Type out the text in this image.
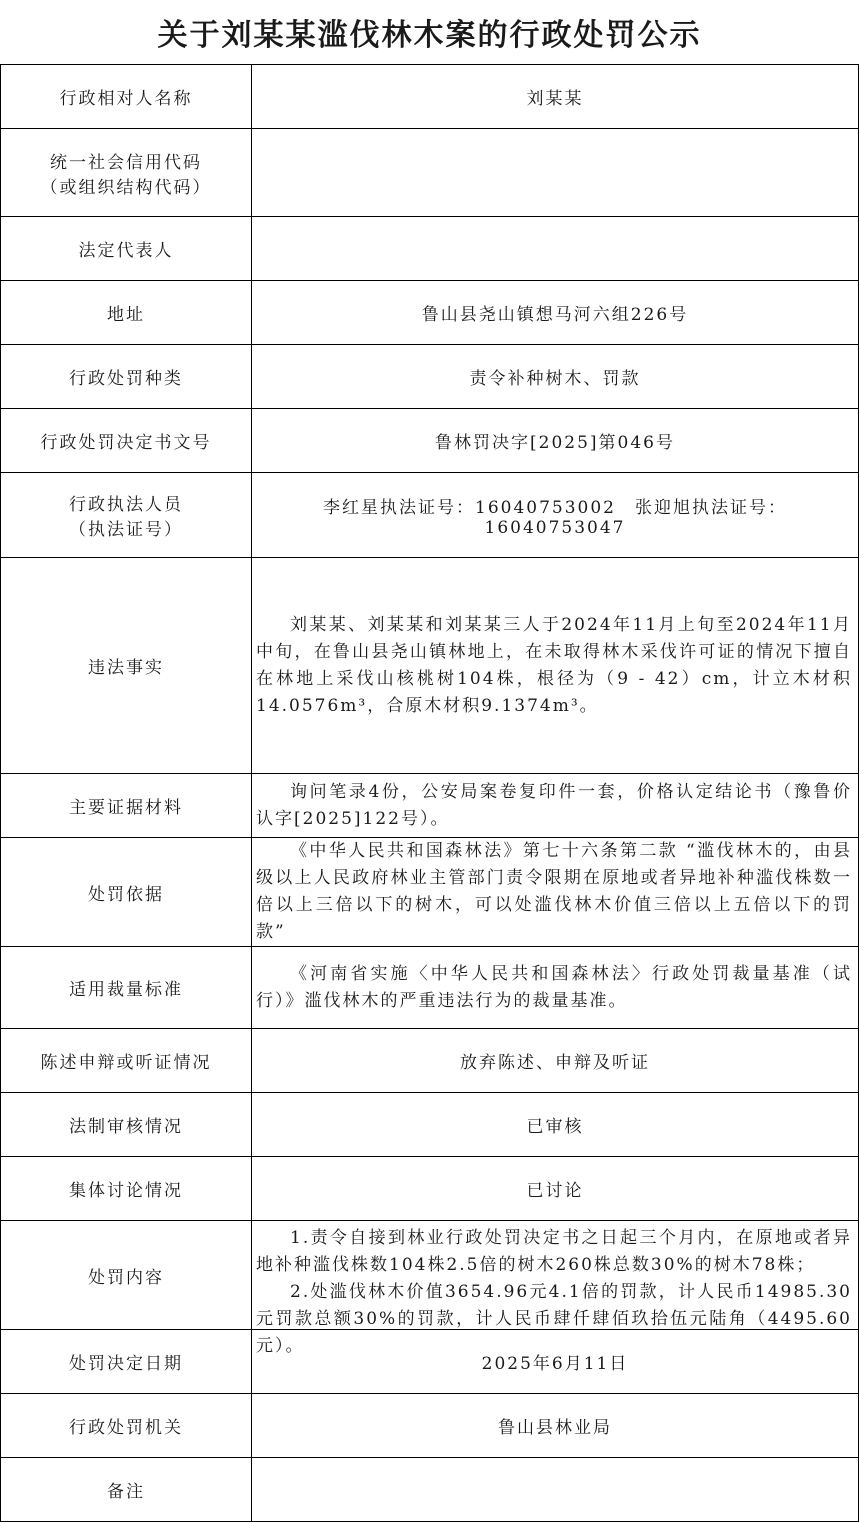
关于刘某某滥伐林木案的行政处罚公示
行政相对人名称	刘某某

统一社会信用代码
（或组织结构代码）	

法定代表人	
地址	鲁山县尧山镇想马河六组226号
行政处罚种类	责令补种树木、罚款
行政处罚决定书文号	鲁林罚决字[2025]第046号

行政执法人员
（执法证号）	李红星执法证号：16040753002　张迎旭执法证号：16040753047
违法事实	刘某某、刘某某和刘某某三人于2024年11月上旬至2024年11月中旬，在鲁山县尧山镇林地上，在未取得林木采伐许可证的情况下擅自在林地上采伐山核桃树104株，根径为（9 - 42）cm，计立木材积14.0576m³，合原木材积9.1374m³。

主要证据材料	询问笔录4份，公安局案卷复印件一套，价格认定结论书（豫鲁价认字[2025]122号）。

处罚依据	《中华人民共和国森林法》第七十六条第二款 “滥伐林木的，由县级以上人民政府林业主管部门责令限期在原地或者异地补种滥伐株数一倍以上三倍以下的树木，可以处滥伐林木价值三倍以上五倍以下的罚款”

适用裁量标准	《河南省实施〈中华人民共和国森林法〉行政处罚裁量基准（试行）》滥伐林木的严重违法行为的裁量基准。

陈述申辩或听证情况	放弃陈述、申辩及听证
法制审核情况	已审核
集体讨论情况	已讨论
处罚内容	1.责令自接到林业行政处罚决定书之日起三个月内，在原地或者异地补种滥伐株数104株2.5倍的树木260株总数30%的树木78株；
2.处滥伐林木价值3654.96元4.1倍的罚款，计人民币14985.30元罚款总额30%的罚款，计人民币肆仟肆佰玖拾伍元陆角（4495.60元）。

处罚决定日期	2025年6月11日
行政处罚机关	鲁山县林业局
备注	
